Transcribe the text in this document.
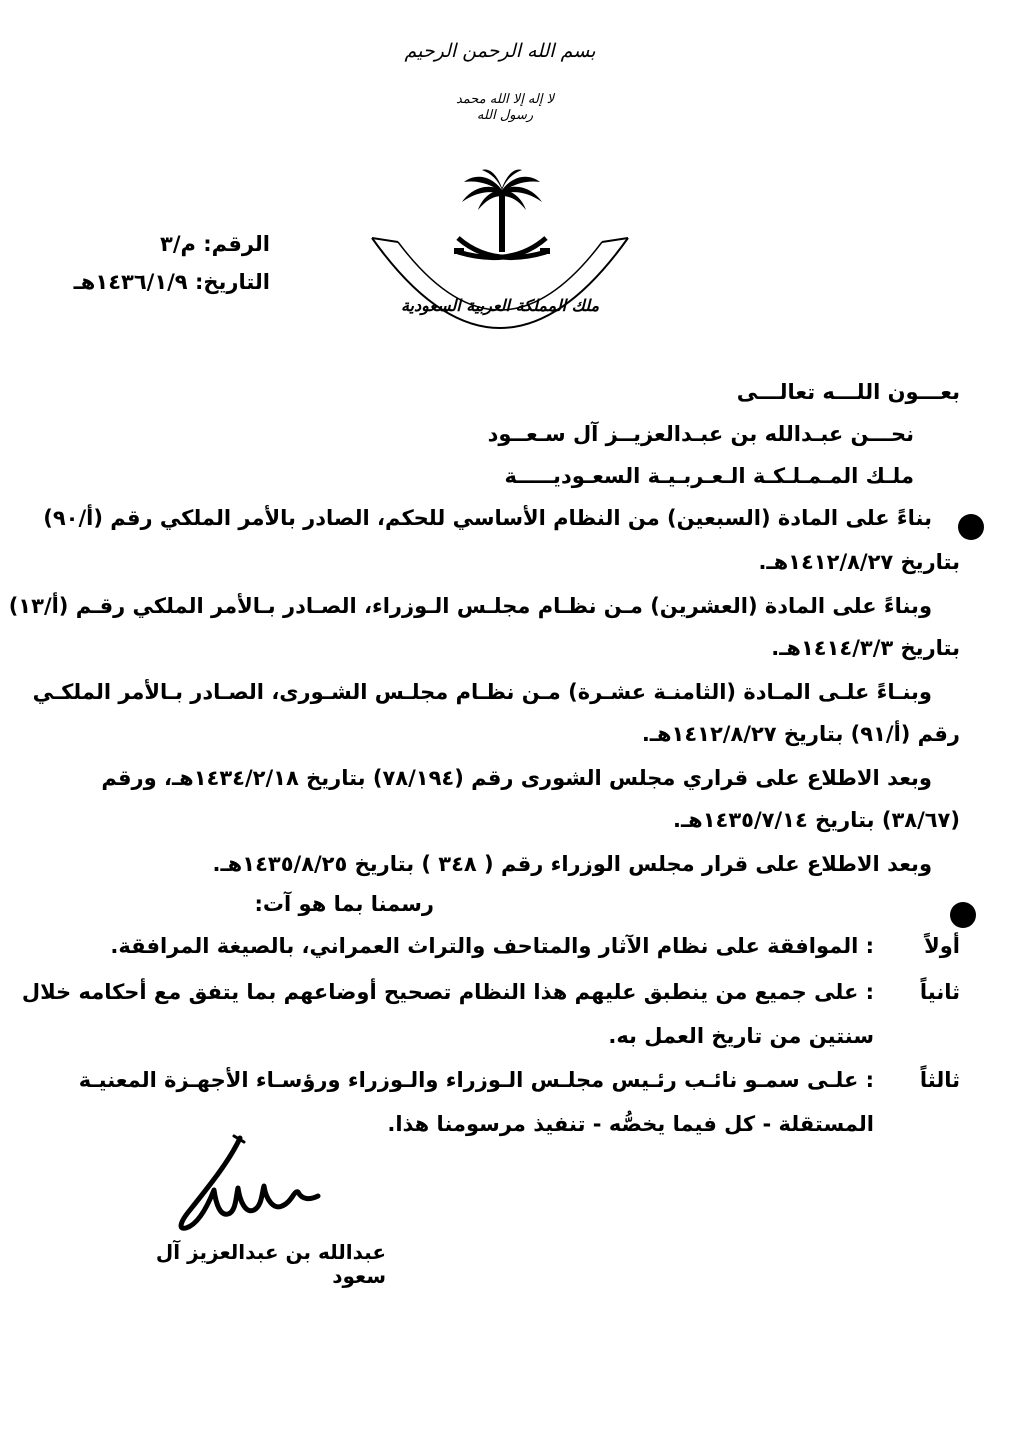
بسم الله الرحمن الرحيم
لا إله إلا الله محمد رسول الله
ملك المملكة العربية السعودية
الرقم: م/٣
التاريخ: ١٤٣٦/١/٩هـ
بعـــون اللـــه تعالـــى
نحـــن عبـدالله بن عبـدالعزيــز آل سـعــود
ملـك المـمـلـكـة الـعـربـيـة السعـوديـــــة
بناءً على المادة (السبعين) من النظام الأساسي للحكم، الصادر بالأمر الملكي رقم (أ/٩٠)
بتاريخ ١٤١٢/٨/٢٧هـ.
وبناءً على المادة (العشرين) مـن نظـام مجلـس الـوزراء، الصـادر بـالأمر الملكي رقـم (أ/١٣)
بتاريخ ١٤١٤/٣/٣هـ.
وبنـاءً علـى المـادة (الثامنـة عشـرة) مـن نظـام مجلـس الشـورى، الصـادر بـالأمر الملكـي
رقم (أ/٩١) بتاريخ ١٤١٢/٨/٢٧هـ.
وبعد الاطلاع على قراري مجلس الشورى رقم (٧٨/١٩٤) بتاريخ ١٤٣٤/٢/١٨هـ، ورقم
(٣٨/٦٧) بتاريخ ١٤٣٥/٧/١٤هـ.
وبعد الاطلاع على قرار مجلس الوزراء رقم ( ٣٤٨ ) بتاريخ ١٤٣٥/٨/٢٥هـ.
رسمنا بما هو آت:
أولاً
: الموافقة على نظام الآثار والمتاحف والتراث العمراني، بالصيغة المرافقة.
ثانياً
: على جميع من ينطبق عليهم هذا النظام تصحيح أوضاعهم بما يتفق مع أحكامه خلال
سنتين من تاريخ العمل به.
ثالثاً
: علـى سمـو نائـب رئـيس مجلـس الـوزراء والـوزراء ورؤسـاء الأجهـزة المعنيـة
المستقلة - كل فيما يخصُّه - تنفيذ مرسومنا هذا.
عبدالله بن عبدالعزيز آل سعود
